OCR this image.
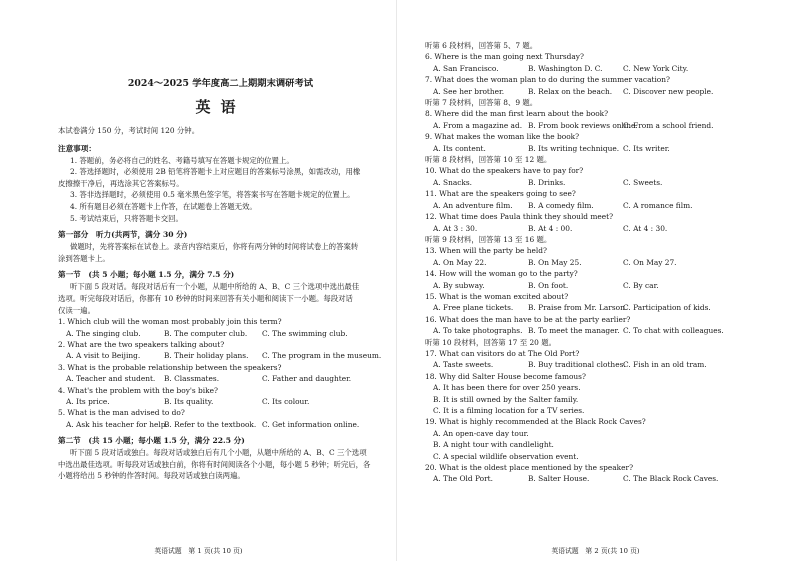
2024～2025 学年度高二上期期末调研考试
英语
本试卷满分 150 分，考试时间 120 分钟。
注意事项：
1. 答题前，务必将自己的姓名、考籍号填写在答题卡规定的位置上。
2. 答选择题时，必须使用 2B 铅笔将答题卡上对应题目的答案标号涂黑，如需改动，用橡
皮擦擦干净后，再选涂其它答案标号。
3. 答非选择题时，必须使用 0.5 毫米黑色签字笔，将答案书写在答题卡规定的位置上。
4. 所有题目必须在答题卡上作答，在试题卷上答题无效。
5. 考试结束后，只将答题卡交回。
第一部分　听力(共两节，满分 30 分)
做题时，先将答案标在试卷上。录音内容结束后，你将有两分钟的时间将试卷上的答案转
涂到答题卡上。
第一节　(共 5 小题；每小题 1.5 分，满分 7.5 分)
听下面 5 段对话。每段对话后有一个小题，从题中所给的 A、B、C 三个选项中选出最佳
选项。听完每段对话后，你都有 10 秒钟的时间来回答有关小题和阅读下一小题。每段对话
仅读一遍。
1. Which club will the woman most probably join this term?
A. The singing club.	B. The computer club.	C. The swimming club.
2. What are the two speakers talking about?
A. A visit to Beijing.	B. Their holiday plans.	C. The program in the museum.
3. What is the probable relationship between the speakers?
A. Teacher and student.	B. Classmates.	C. Father and daughter.
4. What's the problem with the boy's bike?
A. Its price.	B. Its quality.	C. Its colour.
5. What is the man advised to do?
A. Ask his teacher for help.
B. Refer to the textbook. C. Get information online.
第二节　(共 15 小题；每小题 1.5 分，满分 22.5 分)
听下面 5 段对话或独白。每段对话或独白后有几个小题，从题中所给的 A、B、C 三个选项
中选出最佳选项。听每段对话或独白前，你将有时间阅读各个小题，每小题 5 秒钟；听完后，各
小题将给出 5 秒钟的作答时间。每段对话或独白读两遍。
英语试题　第 1 页(共 10 页)
听第 6 段材料，回答第 5、7 题。
6. Where is the man going next Thursday?
A. San Francisco.	B. Washington D. C.	C. New York City.
7. What does the woman plan to do during the summer vacation?
A. See her brother.	B. Relax on the beach.	C. Discover new people.
听第 7 段材料，回答第 8、9 题。
8. Where did the man first learn about the book?
A. From a magazine ad. B. From book reviews online.
C. From a school friend.
9. What makes the woman like the book?
A. Its content.	B. Its writing technique. C. Its writer.
听第 8 段材料，回答第 10 至 12 题。
10. What do the speakers have to pay for?
A. Snacks.	B. Drinks.	C. Sweets.
11. What are the speakers going to see?
A. An adventure film.	B. A comedy film.	C. A romance film.
12. What time does Paula think they should meet?
A. At 3 : 30.	B. At 4 : 00.	C. At 4 : 30.
听第 9 段材料，回答第 13 至 16 题。
13. When will the party be held?
A. On May 22.	B. On May 25.	C. On May 27.
14. How will the woman go to the party?
A. By subway.	B. On foot.	C. By car.
15. What is the woman excited about?
A. Free plane tickets.	B. Praise from Mr. Larson.
C. Participation of kids.
16. What does the man have to be at the party earlier?
A. To take photographs. B. To meet the manager. C. To chat with colleagues.
听第 10 段材料，回答第 17 至 20 题。
17. What can visitors do at The Old Port?
A. Taste sweets.	B. Buy traditional clothes.
C. Fish in an old tram.
18. Why did Salter House become famous?
A. It has been there for over 250 years.
B. It is still owned by the Salter family.
C. It is a filming location for a TV series.
19. What is highly recommended at the Black Rock Caves?
A. An open-cave day tour.
B. A night tour with candlelight.
C. A special wildlife observation event.
20. What is the oldest place mentioned by the speaker?
A. The Old Port.	B. Salter House.	C. The Black Rock Caves.
英语试题　第 2 页(共 10 页)
